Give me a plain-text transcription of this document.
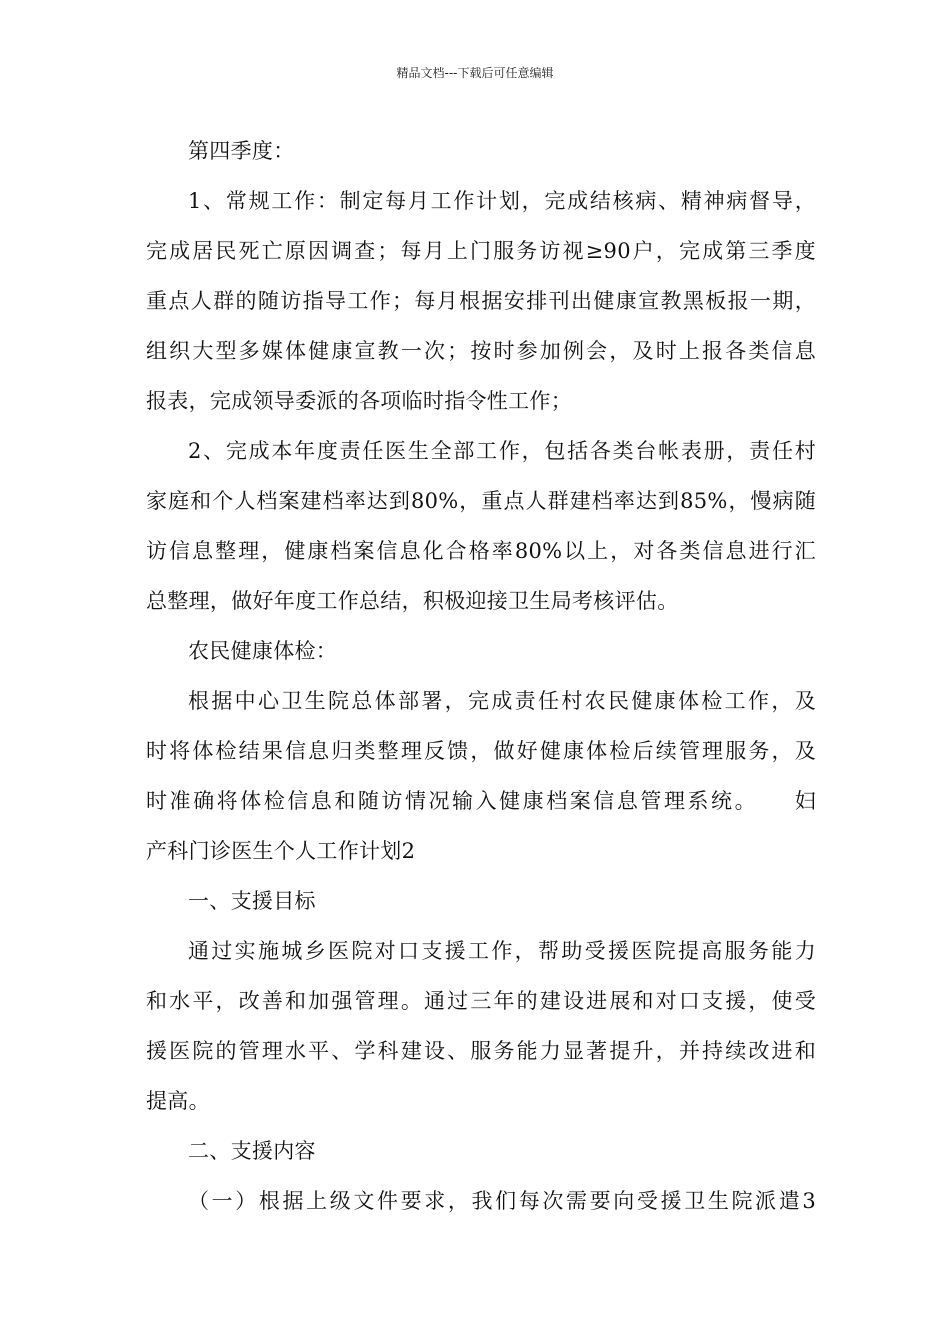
精品文档---下载后可任意编辑
第四季度：
1、常规工作：制定每月工作计划，完成结核病、精神病督导，
完成居民死亡原因调查；每月上门服务访视≥90户，完成第三季度
重点人群的随访指导工作；每月根据安排刊出健康宣教黑板报一期，
组织大型多媒体健康宣教一次；按时参加例会，及时上报各类信息
报表，完成领导委派的各项临时指令性工作；
2、完成本年度责任医生全部工作，包括各类台帐表册，责任村
家庭和个人档案建档率达到80%，重点人群建档率达到85%，慢病随
访信息整理，健康档案信息化合格率80%以上，对各类信息进行汇
总整理，做好年度工作总结，积极迎接卫生局考核评估。
农民健康体检：
根据中心卫生院总体部署，完成责任村农民健康体检工作，及
时将体检结果信息归类整理反馈，做好健康体检后续管理服务，及
时准确将体检信息和随访情况输入健康档案信息管理系统。　　妇
产科门诊医生个人工作计划2
一、支援目标
通过实施城乡医院对口支援工作，帮助受援医院提高服务能力
和水平，改善和加强管理。通过三年的建设进展和对口支援，使受
援医院的管理水平、学科建设、服务能力显著提升，并持续改进和
提高。
二、支援内容
（一）根据上级文件要求，我们每次需要向受援卫生院派遣3
